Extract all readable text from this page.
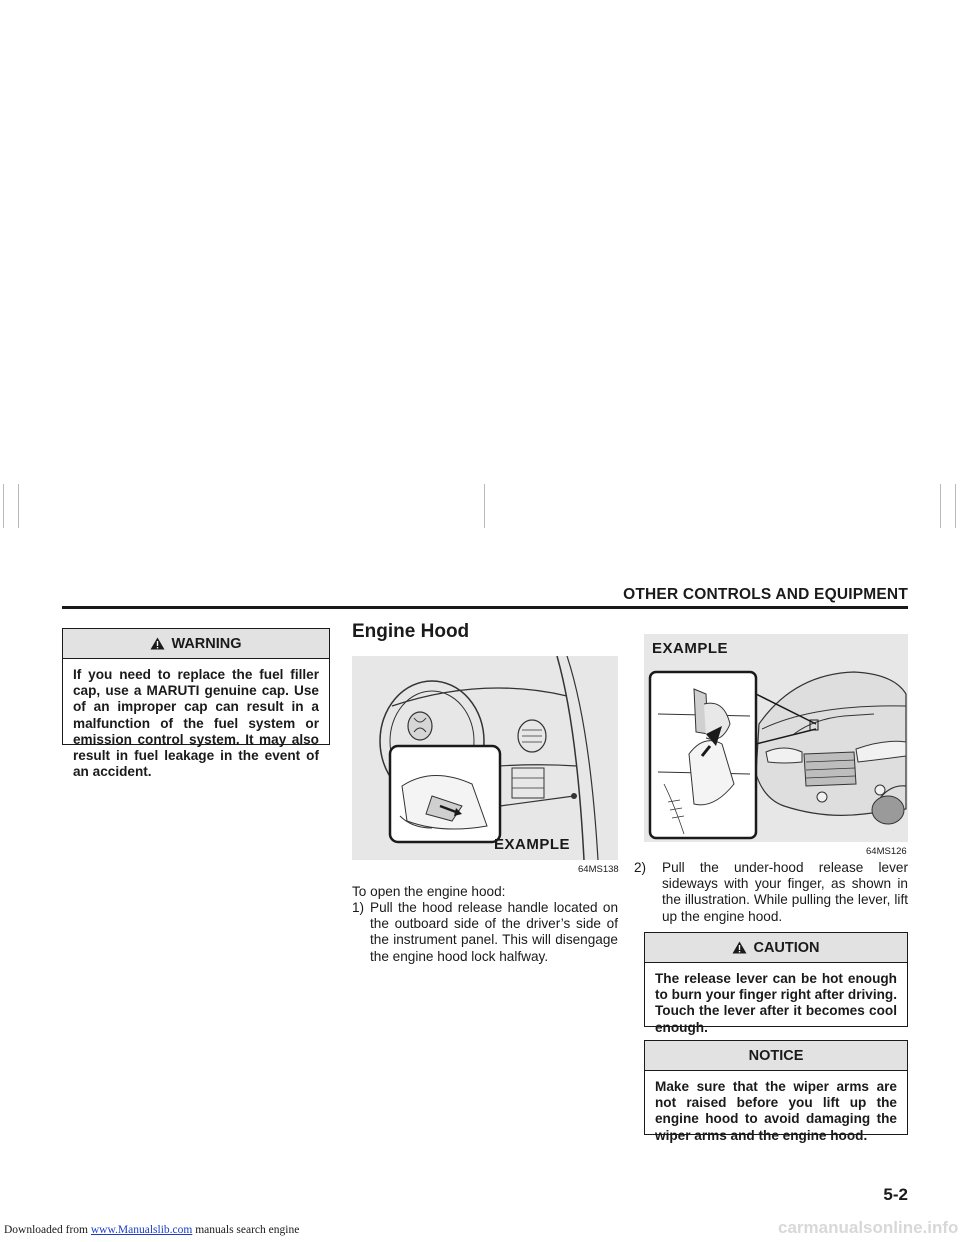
OTHER CONTROLS AND EQUIPMENT
WARNING
If you need to replace the fuel filler cap, use a MARUTI genuine cap. Use of an improper cap can result in a malfunction of the fuel system or emission control system. It may also result in fuel leakage in the event of an accident.
Engine Hood
EXAMPLE
64MS138
To open the engine hood:
1) Pull the hood release handle located on the outboard side of the driver’s side of the instrument panel. This will disengage the engine hood lock halfway.
EXAMPLE
64MS126
2)	Pull the under-hood release lever sideways with your finger, as shown in the illustration. While pulling the lever, lift up the engine hood.
CAUTION
The release lever can be hot enough to burn your finger right after driving. Touch the lever after it becomes cool enough.
NOTICE
Make sure that the wiper arms are not raised before you lift up the engine hood to avoid damaging the wiper arms and the engine hood.
5-2
Downloaded from www.Manualslib.com manuals search engine	carmanualsonline.info
